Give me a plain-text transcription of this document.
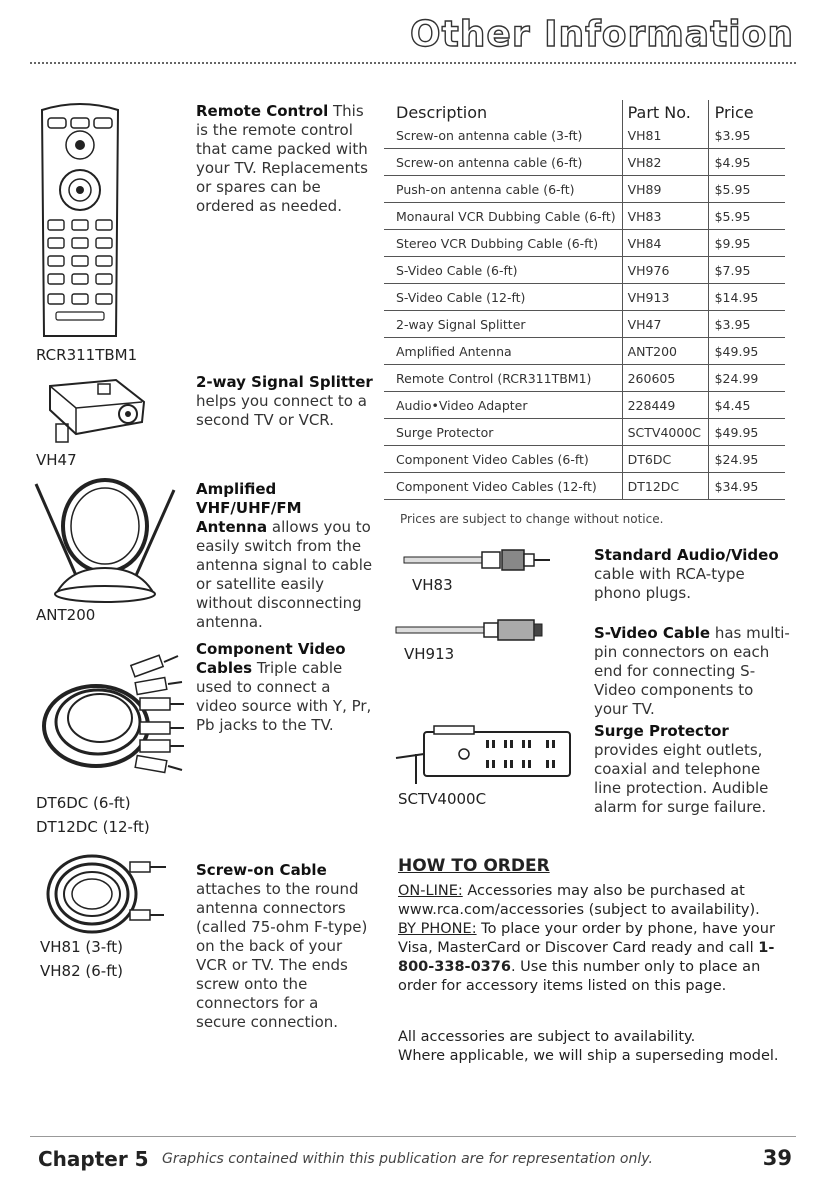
Other Information
RCR311TBM1
Remote Control This is the remote control that came packed with your TV. Replacements or spares can be ordered as needed.
VH47
2-way Signal Splitter helps you connect to a second TV or VCR.
ANT200
Amplified VHF/UHF/FM Antenna allows you to easily switch from the antenna signal to cable or satellite easily without disconnecting antenna.
DT6DC (6-ft)
DT12DC (12-ft)
Component Video Cables Triple cable used to connect a video source with Y, Pr, Pb jacks to the TV.
VH81 (3-ft)
VH82 (6-ft)
Screw-on Cable attaches to the round antenna connectors (called 75-ohm F-type) on the back of your VCR or TV. The ends screw onto the connectors for a secure connection.
Description	Part No.	Price
Screw-on antenna cable (3-ft)	VH81	$3.95
Screw-on antenna cable (6-ft)	VH82	$4.95
Push-on antenna cable (6-ft)	VH89	$5.95
Monaural VCR Dubbing Cable (6-ft)	VH83	$5.95
Stereo VCR Dubbing Cable (6-ft)	VH84	$9.95
S-Video Cable (6-ft)	VH976	$7.95
S-Video Cable (12-ft)	VH913	$14.95
2-way Signal Splitter	VH47	$3.95
Amplified Antenna	ANT200	$49.95
Remote Control (RCR311TBM1)	260605	$24.99
Audio•Video Adapter	228449	$4.45
Surge Protector	SCTV4000C	$49.95
Component Video Cables (6-ft)	DT6DC	$24.95
Component Video Cables (12-ft)	DT12DC	$34.95
Prices are subject to change without notice.
VH83
Standard Audio/Video cable with RCA-type phono plugs.
VH913
S-Video Cable has multi-pin connectors on each end for connecting S-Video components to your TV.
SCTV4000C
Surge Protector provides eight outlets, coaxial and telephone line protection. Audible alarm for surge failure.
HOW TO ORDER
ON-LINE: Accessories may also be purchased at www.rca.com/accessories (subject to availability).
BY PHONE: To place your order by phone, have your Visa, MasterCard or Discover Card ready and call 1-800-338-0376. Use this number only to place an order for accessory items listed on this page.
All accessories are subject to availability.
Where applicable, we will ship a superseding model.
Chapter 5 Graphics contained within this publication are for representation only.	39
